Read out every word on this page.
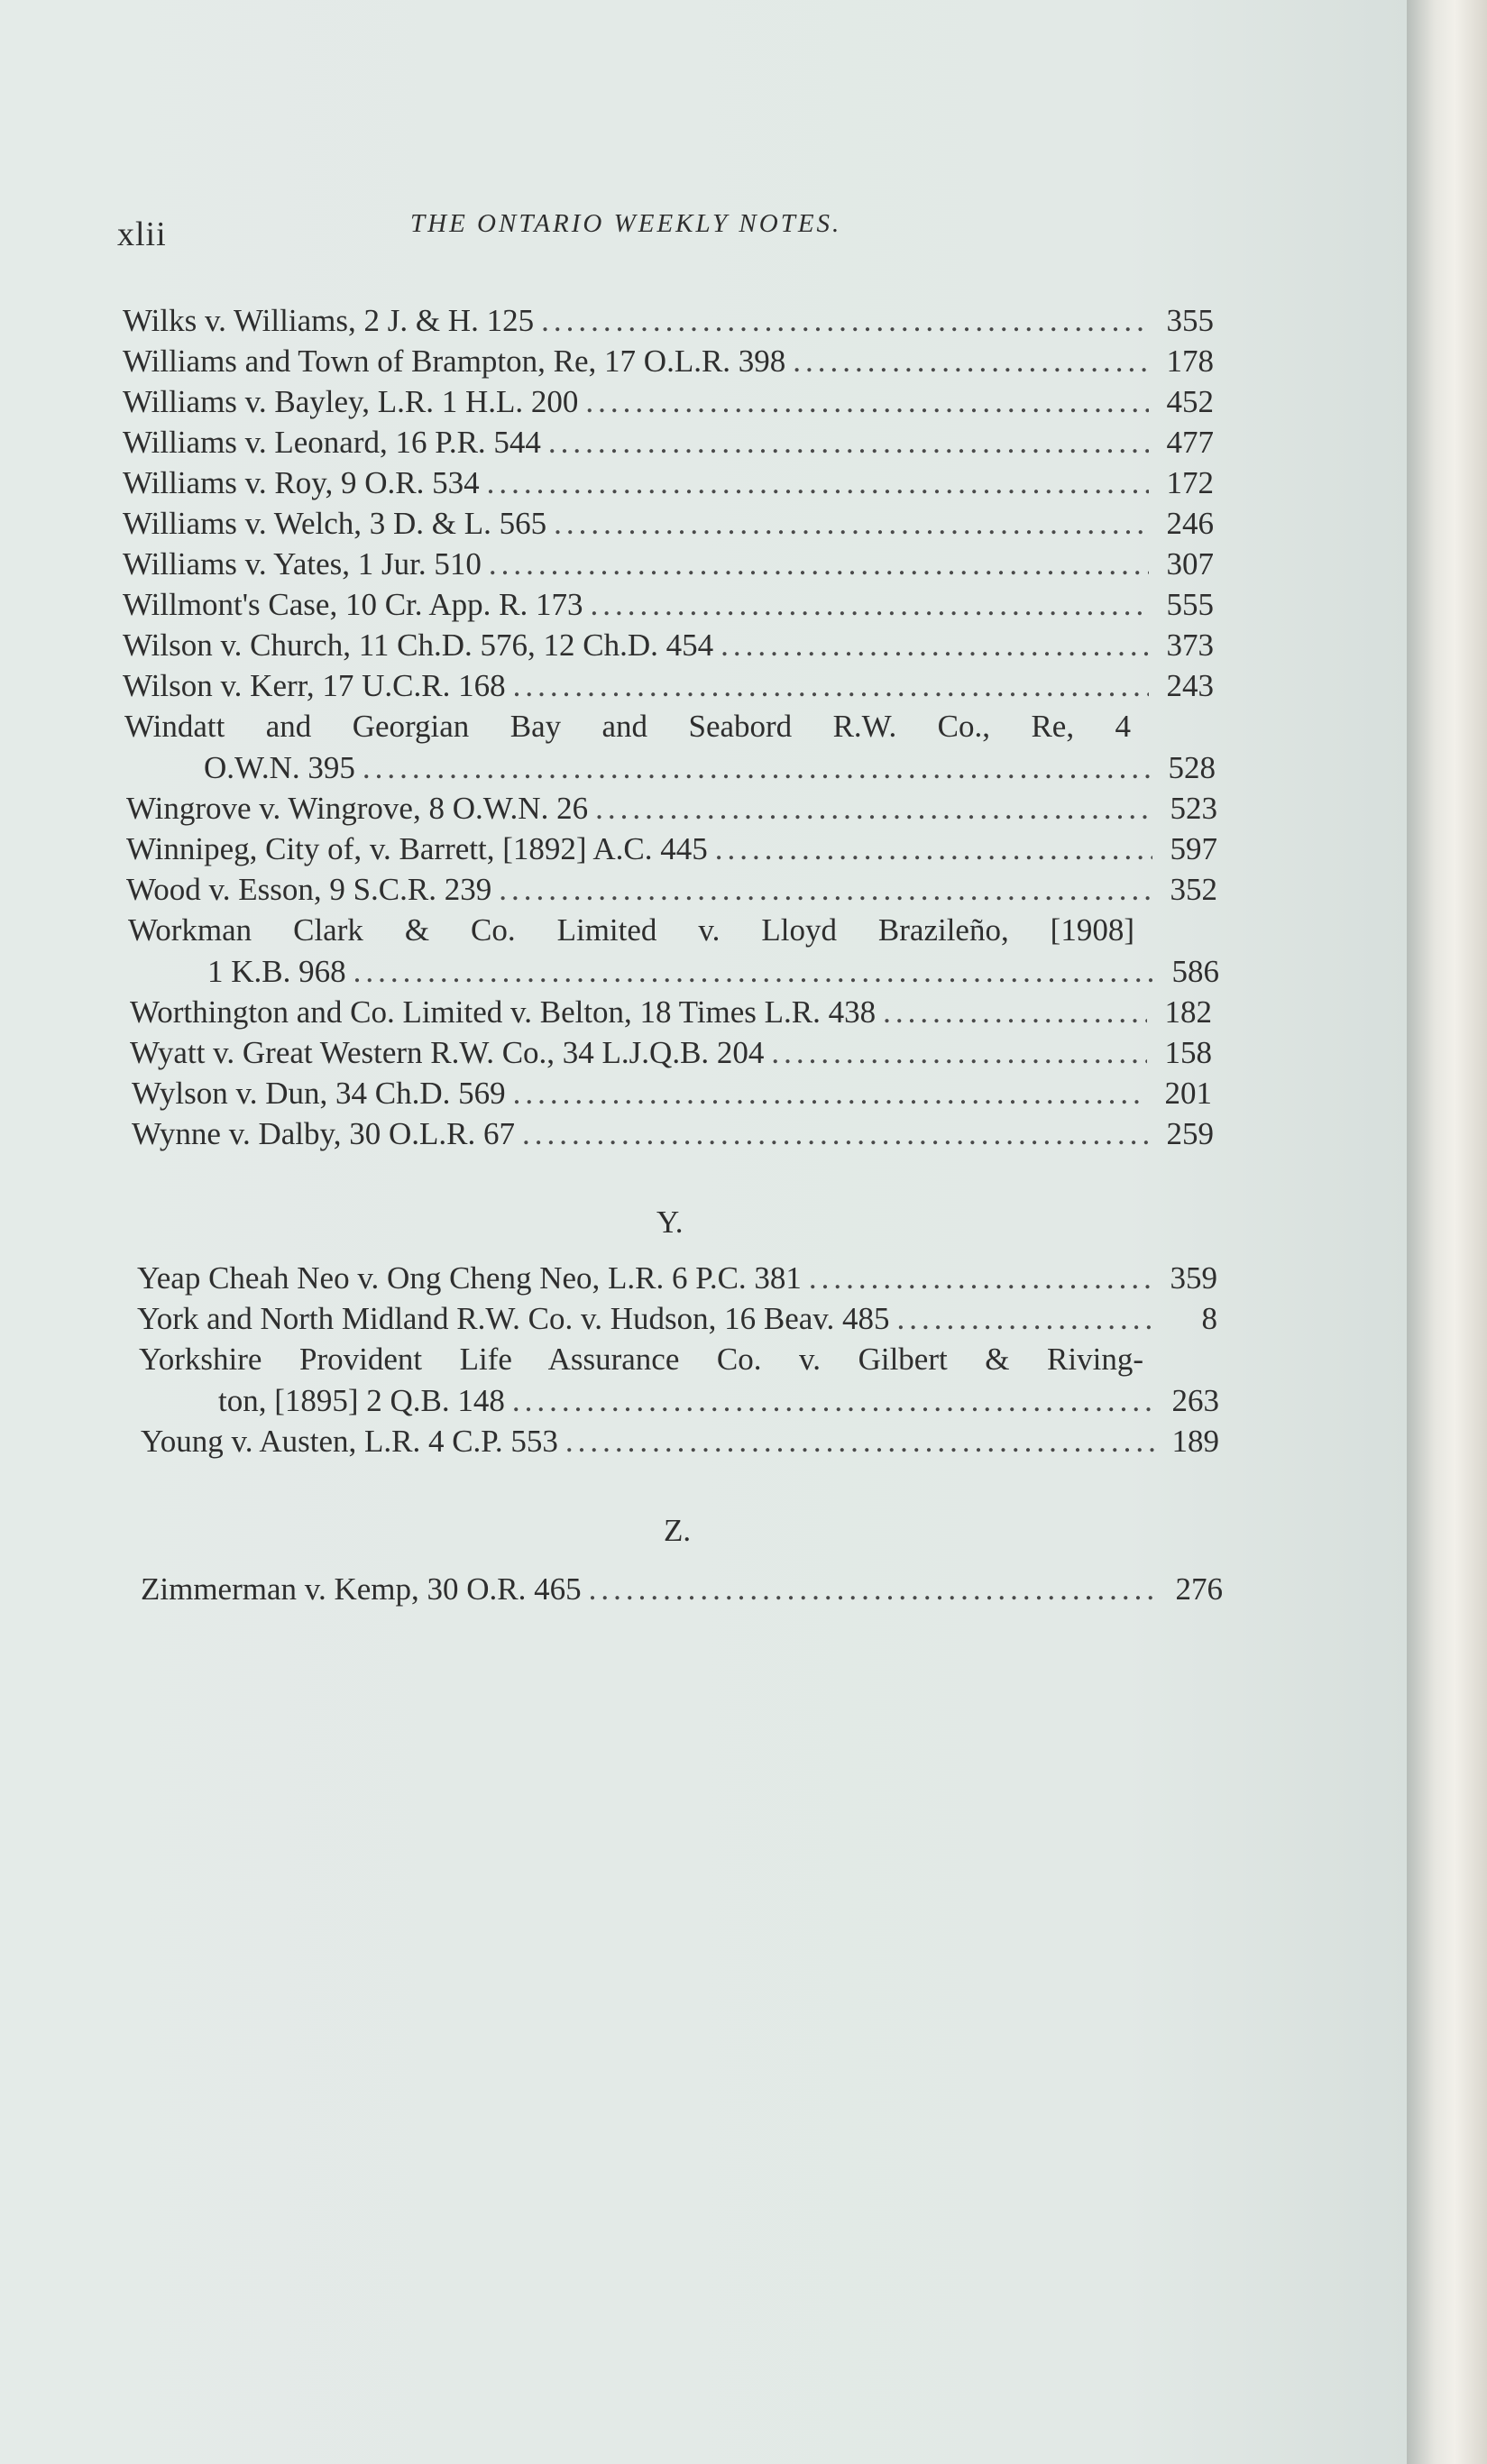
xlii	THE ONTARIO WEEKLY NOTES.
Wilks v. Williams, 2 J. & H. 125 .....	355
Williams and Town of Brampton, Re, 17 O.L.R. 398 .....	178
Williams v. Bayley, L.R. 1 H.L. 200 .....	452
Williams v. Leonard, 16 P.R. 544 .....	477
Williams v. Roy, 9 O.R. 534 .....	172
Williams v. Welch, 3 D. & L. 565 .....	246
Williams v. Yates, 1 Jur. 510 .....	307
Willmont's Case, 10 Cr. App. R. 173 .....	555
Wilson v. Church, 11 Ch.D. 576, 12 Ch.D. 454 .....	373
Wilson v. Kerr, 17 U.C.R. 168 .....	243
Windatt and Georgian Bay and Seabord R.W. Co., Re, 4
O.W.N. 395 .....	528
Wingrove v. Wingrove, 8 O.W.N. 26 .....	523
Winnipeg, City of, v. Barrett, [1892] A.C. 445 .....	597
Wood v. Esson, 9 S.C.R. 239 .....	352
Workman Clark & Co. Limited v. Lloyd Brazileño, [1908]
1 K.B. 968 .....	586
Worthington and Co. Limited v. Belton, 18 Times L.R. 438 .....	182
Wyatt v. Great Western R.W. Co., 34 L.J.Q.B. 204 .....	158
Wylson v. Dun, 34 Ch.D. 569 .....	201
Wynne v. Dalby, 30 O.L.R. 67 .....	259
Y.
Yeap Cheah Neo v. Ong Cheng Neo, L.R. 6 P.C. 381 .....	359
York and North Midland R.W. Co. v. Hudson, 16 Beav. 485 .....	8
Yorkshire Provident Life Assurance Co. v. Gilbert & Riving-
ton, [1895] 2 Q.B. 148 .....	263
Young v. Austen, L.R. 4 C.P. 553 .....	189
Z.
Zimmerman v. Kemp, 30 O.R. 465 .....	276
